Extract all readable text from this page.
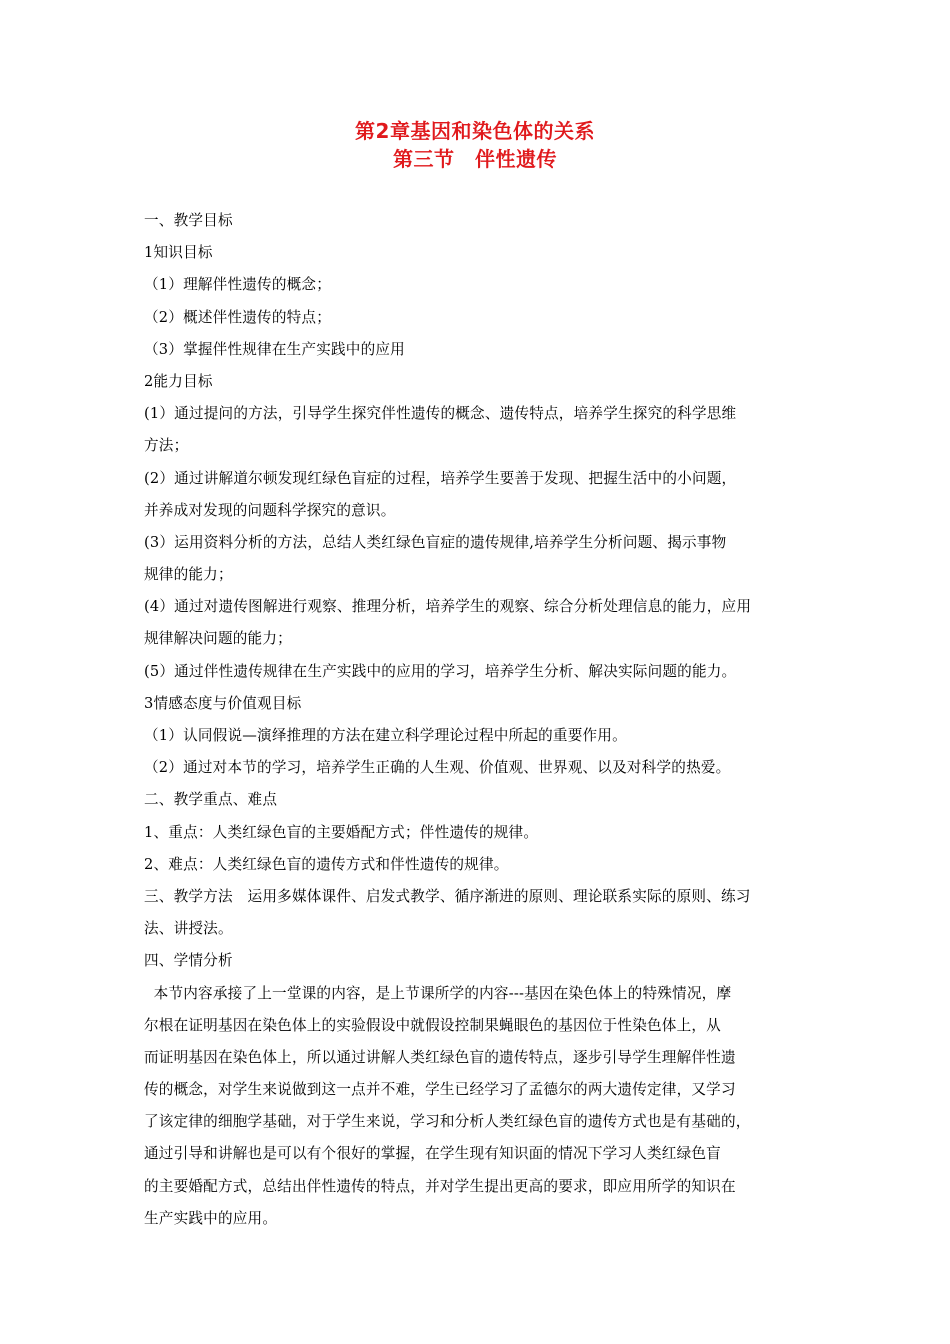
第2章基因和染色体的关系
第三节　伴性遗传
一、教学目标
1知识目标
（1）理解伴性遗传的概念；
（2）概述伴性遗传的特点；
（3）掌握伴性规律在生产实践中的应用
2能力目标
(1）通过提问的方法，引导学生探究伴性遗传的概念、遗传特点，培养学生探究的科学思维
方法；
(2）通过讲解道尔顿发现红绿色盲症的过程，培养学生要善于发现、把握生活中的小问题，
并养成对发现的问题科学探究的意识。
(3）运用资料分析的方法，总结人类红绿色盲症的遗传规律,培养学生分析问题、揭示事物
规律的能力；
(4）通过对遗传图解进行观察、推理分析，培养学生的观察、综合分析处理信息的能力，应用
规律解决问题的能力；
(5）通过伴性遗传规律在生产实践中的应用的学习，培养学生分析、解决实际问题的能力。
3情感态度与价值观目标
（1）认同假说—演绎推理的方法在建立科学理论过程中所起的重要作用。
（2）通过对本节的学习，培养学生正确的人生观、价值观、世界观、以及对科学的热爱。
二、教学重点、难点
1、重点：人类红绿色盲的主要婚配方式；伴性遗传的规律。
2、难点：人类红绿色盲的遗传方式和伴性遗传的规律。
三、教学方法　运用多媒体课件、启发式教学、循序渐进的原则、理论联系实际的原则、练习
法、讲授法。
四、学情分析
本节内容承接了上一堂课的内容，是上节课所学的内容---基因在染色体上的特殊情况，摩
尔根在证明基因在染色体上的实验假设中就假设控制果蝇眼色的基因位于性染色体上，从
而证明基因在染色体上，所以通过讲解人类红绿色盲的遗传特点，逐步引导学生理解伴性遗
传的概念，对学生来说做到这一点并不难，学生已经学习了孟德尔的两大遗传定律，又学习
了该定律的细胞学基础，对于学生来说，学习和分析人类红绿色盲的遗传方式也是有基础的，
通过引导和讲解也是可以有个很好的掌握，在学生现有知识面的情况下学习人类红绿色盲
的主要婚配方式，总结出伴性遗传的特点，并对学生提出更高的要求，即应用所学的知识在
生产实践中的应用。
